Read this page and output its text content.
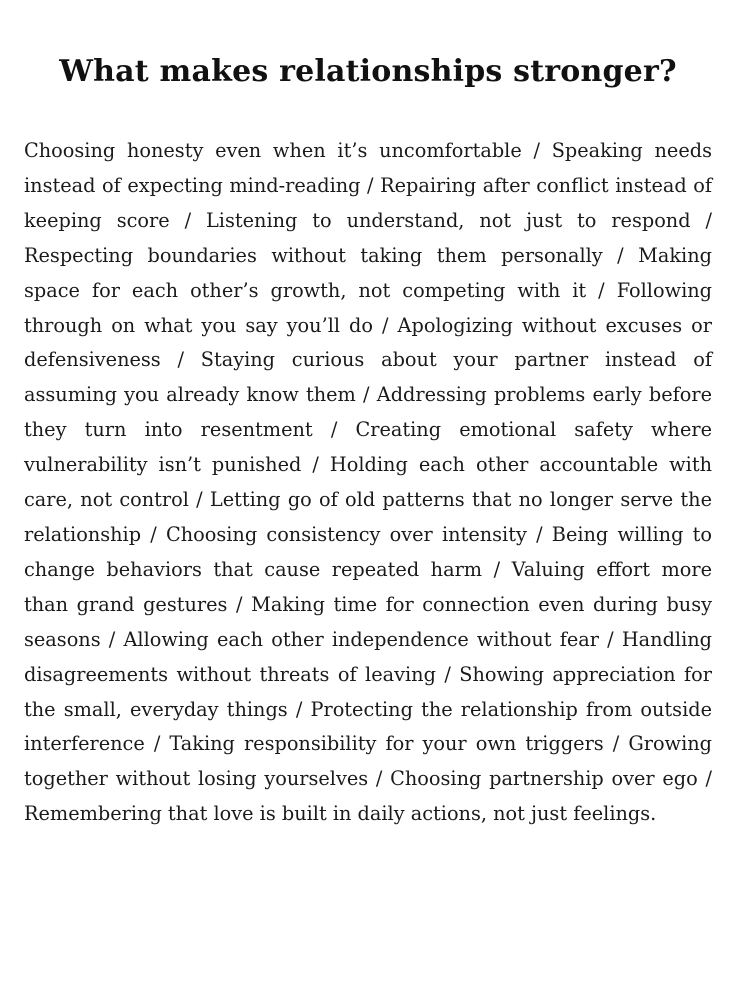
What makes relationships stronger?

Choosing honesty even when it’s uncomfortable / Speaking needs instead of expecting mind-reading / Repairing after conflict instead of keeping score / Listening to understand, not just to respond / Respecting boundaries without taking them personally / Making space for each other’s growth, not competing with it / Following through on what you say you’ll do / Apologizing without excuses or defensiveness / Staying curious about your partner instead of assuming you already know them / Addressing problems early before they turn into resentment / Creating emotional safety where vulnerability isn’t punished / Holding each other accountable with care, not control / Letting go of old patterns that no longer serve the relationship / Choosing consistency over intensity / Being willing to change behaviors that cause repeated harm / Valuing effort more than grand gestures / Making time for connection even during busy seasons / Allowing each other independence without fear / Handling disagreements without threats of leaving / Showing appreciation for the small, everyday things / Protecting the relationship from outside interference / Taking responsibility for your own triggers / Growing together without losing yourselves / Choosing partnership over ego / Remembering that love is built in daily actions, not just feelings.
